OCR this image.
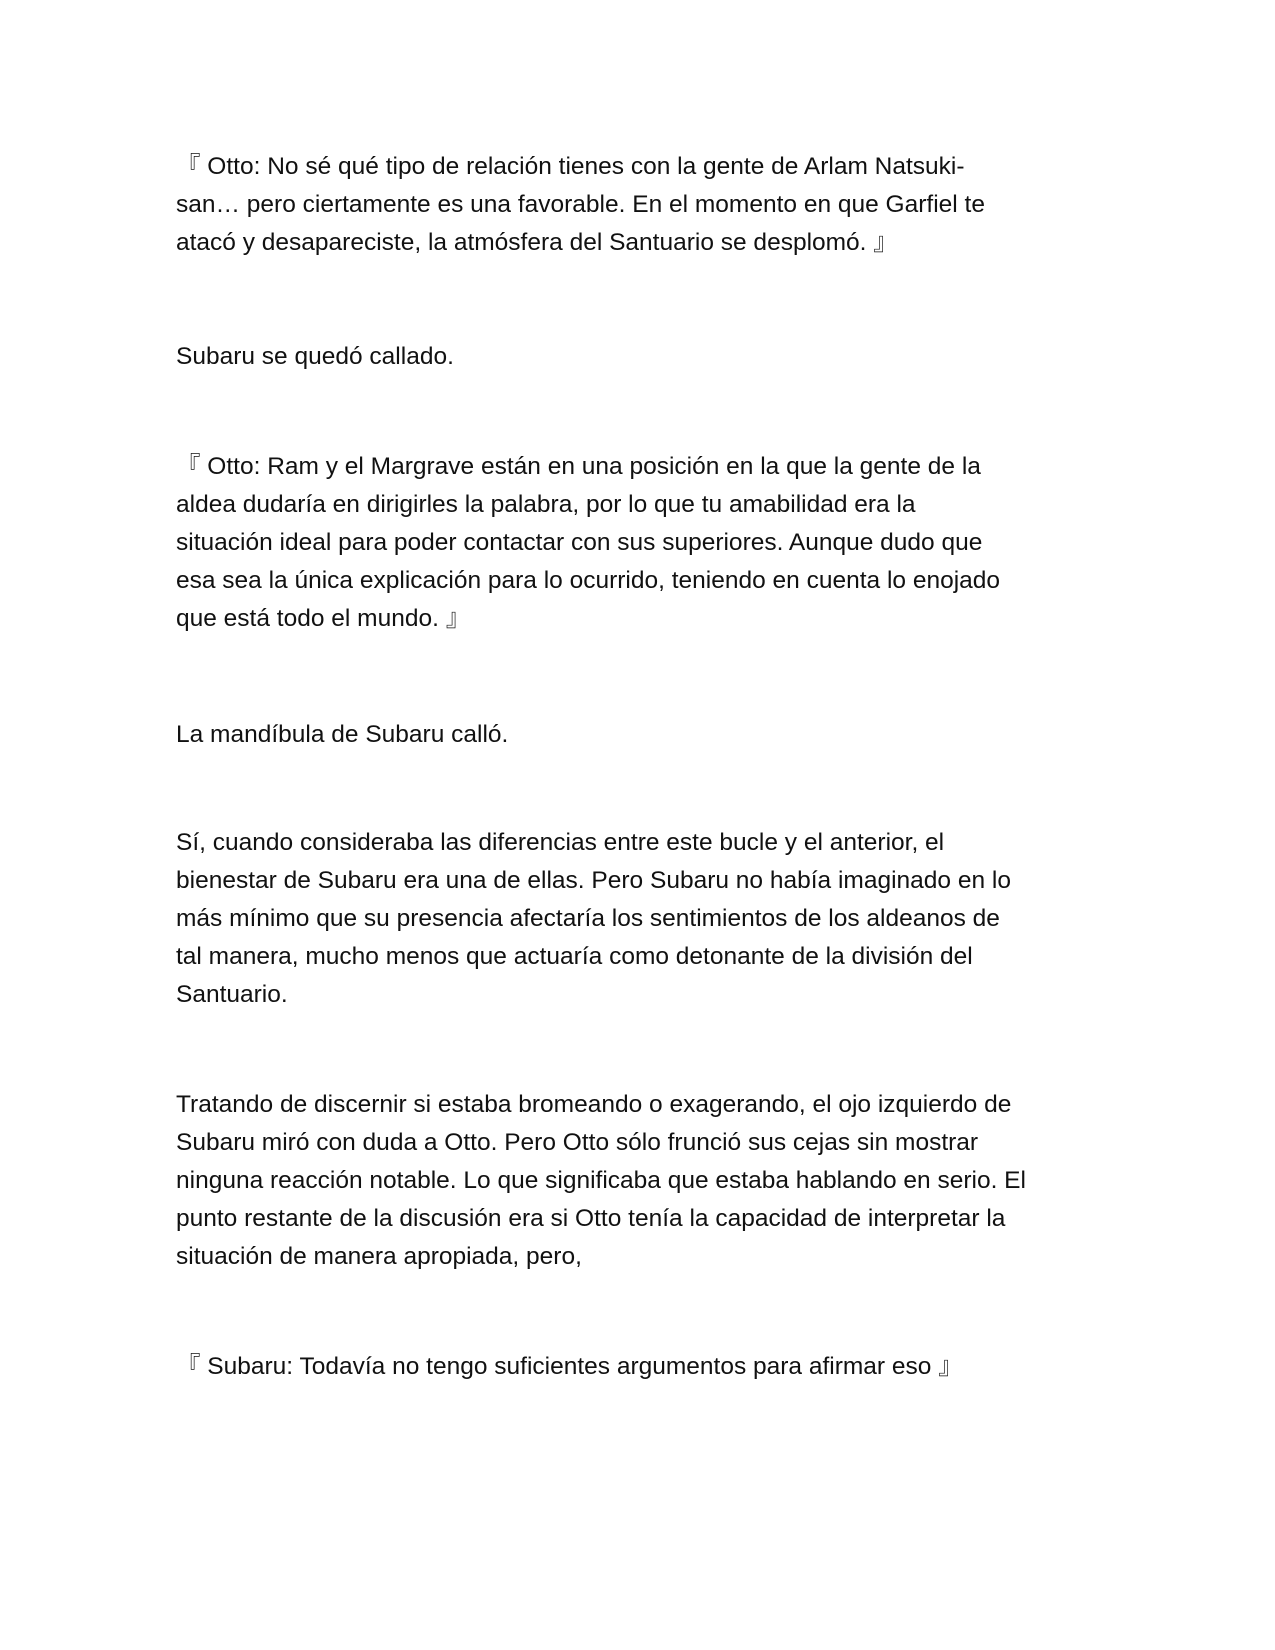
『 Otto: No sé qué tipo de relación tienes con la gente de Arlam Natsuki-
san… pero ciertamente es una favorable. En el momento en que Garfiel te
atacó y desapareciste, la atmósfera del Santuario se desplomó. 』

Subaru se quedó callado.

『 Otto: Ram y el Margrave están en una posición en la que la gente de la
aldea dudaría en dirigirles la palabra, por lo que tu amabilidad era la
situación ideal para poder contactar con sus superiores. Aunque dudo que
esa sea la única explicación para lo ocurrido, teniendo en cuenta lo enojado
que está todo el mundo. 』

La mandíbula de Subaru calló.

Sí, cuando consideraba las diferencias entre este bucle y el anterior, el
bienestar de Subaru era una de ellas. Pero Subaru no había imaginado en lo
más mínimo que su presencia afectaría los sentimientos de los aldeanos de
tal manera, mucho menos que actuaría como detonante de la división del
Santuario.

Tratando de discernir si estaba bromeando o exagerando, el ojo izquierdo de
Subaru miró con duda a Otto. Pero Otto sólo frunció sus cejas sin mostrar
ninguna reacción notable. Lo que significaba que estaba hablando en serio. El
punto restante de la discusión era si Otto tenía la capacidad de interpretar la
situación de manera apropiada, pero,

『 Subaru: Todavía no tengo suficientes argumentos para afirmar eso 』
